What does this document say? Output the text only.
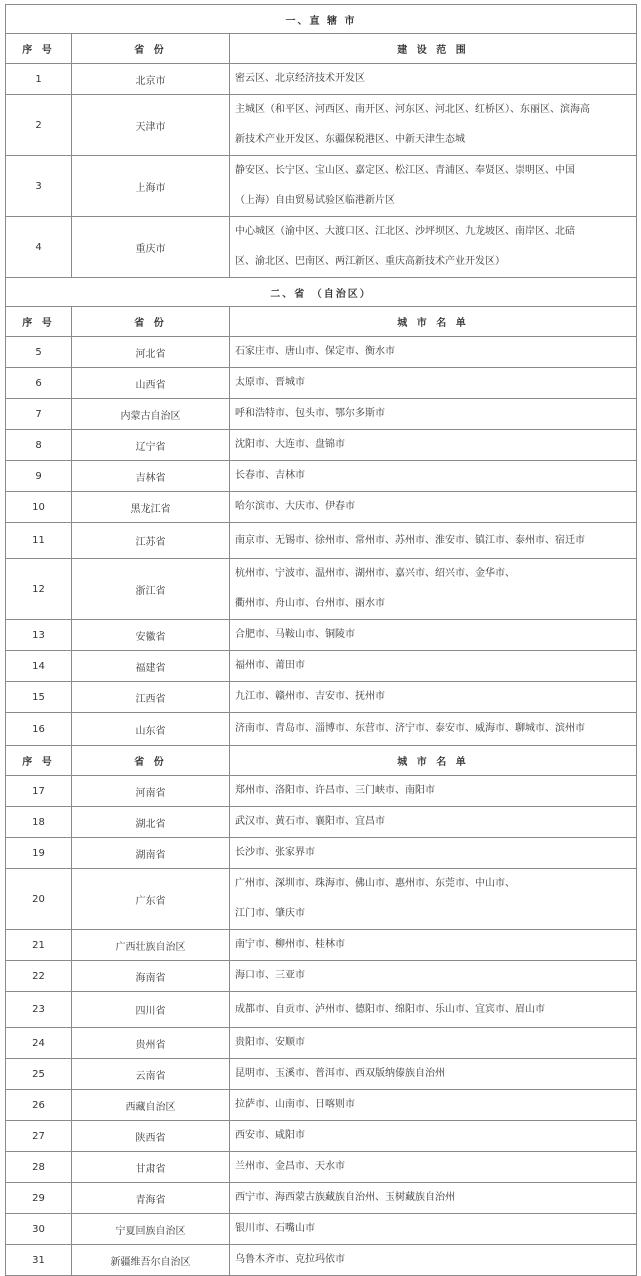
一、直 辖 市		
序 号	省 份	建 设 范 围
1	北京市	密云区、北京经济技术开发区

2	天津市	主城区（和平区、河西区、南开区、河东区、河北区、红桥区）、东丽区、滨海高
新技术产业开发区、东疆保税港区、中新天津生态城

3	上海市	静安区、长宁区、宝山区、嘉定区、松江区、青浦区、奉贤区、崇明区、中国
（上海）自由贸易试验区临港新片区

4	重庆市	中心城区（渝中区、大渡口区、江北区、沙坪坝区、九龙坡区、南岸区、北碚
区、渝北区、巴南区、两江新区、重庆高新技术产业开发区）

二、省 （自治区）		
序 号	省 份	城 市 名 单
5	河北省	石家庄市、唐山市、保定市、衡水市

6	山西省	太原市、晋城市

7	内蒙古自治区	呼和浩特市、包头市、鄂尔多斯市

8	辽宁省	沈阳市、大连市、盘锦市

9	吉林省	长春市、吉林市

10	黑龙江省	哈尔滨市、大庆市、伊春市

11	江苏省	南京市、无锡市、徐州市、常州市、苏州市、淮安市、镇江市、泰州市、宿迁市

12	浙江省	杭州市、宁波市、温州市、湖州市、嘉兴市、绍兴市、金华市、
衢州市、舟山市、台州市、丽水市

13	安徽省	合肥市、马鞍山市、铜陵市

14	福建省	福州市、莆田市

15	江西省	九江市、赣州市、吉安市、抚州市

16	山东省	济南市、青岛市、淄博市、东营市、济宁市、泰安市、威海市、聊城市、滨州市

序 号	省 份	城 市 名 单
17	河南省	郑州市、洛阳市、许昌市、三门峡市、南阳市

18	湖北省	武汉市、黄石市、襄阳市、宜昌市

19	湖南省	长沙市、张家界市

20	广东省	广州市、深圳市、珠海市、佛山市、惠州市、东莞市、中山市、
江门市、肇庆市

21	广西壮族自治区	南宁市、柳州市、桂林市

22	海南省	海口市、三亚市

23	四川省	成都市、自贡市、泸州市、德阳市、绵阳市、乐山市、宜宾市、眉山市

24	贵州省	贵阳市、安顺市

25	云南省	昆明市、玉溪市、普洱市、西双版纳傣族自治州

26	西藏自治区	拉萨市、山南市、日喀则市

27	陕西省	西安市、咸阳市

28	甘肃省	兰州市、金昌市、天水市

29	青海省	西宁市、海西蒙古族藏族自治州、玉树藏族自治州

30	宁夏回族自治区	银川市、石嘴山市

31	新疆维吾尔自治区	乌鲁木齐市、克拉玛依市
